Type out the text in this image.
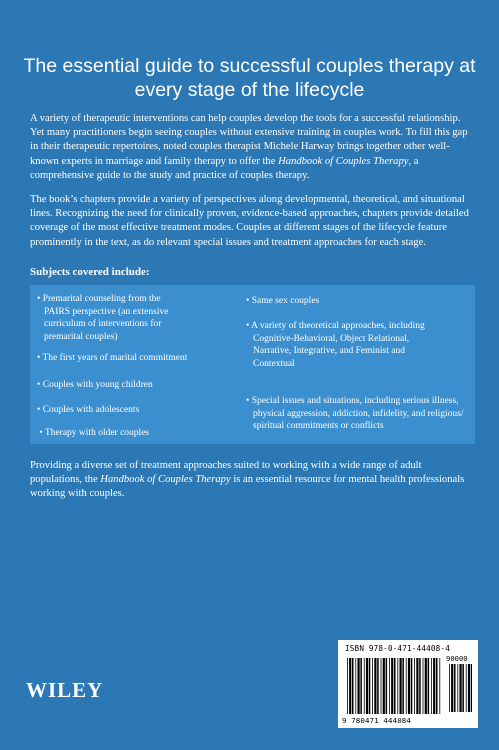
The essential guide to successful couples therapy at
every stage of the lifecycle

A variety of therapeutic interventions can help couples develop the tools for a successful relationship. Yet many practitioners begin seeing couples without extensive training in couples work. To fill this gap in their therapeutic repertoires, noted couples therapist Michele Harway brings together other well-known experts in marriage and family therapy to offer the Handbook of Couples Therapy, a comprehensive guide to the study and practice of couples therapy.

The book’s chapters provide a variety of perspectives along developmental, theoretical, and situational lines. Recognizing the need for clinically proven, evidence-based approaches, chapters provide detailed coverage of the most effective treatment modes. Couples at different stages of the lifecycle feature prominently in the text, as do relevant special issues and treatment approaches for each stage.

Subjects covered include:
• Premarital counseling from the
PAIRS perspective (an extensive
curriculum of interventions for
premarital couples)
• The first years of marital commitment
• Couples with young children
• Couples with adolescents
• Therapy with older couples
• Same sex couples
• A variety of theoretical approaches, including
Cognitive-Behavioral, Object Relational,
Narrative, Integrative, and Feminist and
Contextual
• Special issues and situations, including serious illness,
physical aggression, addiction, infidelity, and religious/
spiritual commitments or conflicts

Providing a diverse set of treatment approaches suited to working with a wide range of adult populations, the Handbook of Couples Therapy is an essential resource for mental health professionals working with couples.

ISBN 978-0-471-44408-4
90000
9 780471 444084
WILEY
